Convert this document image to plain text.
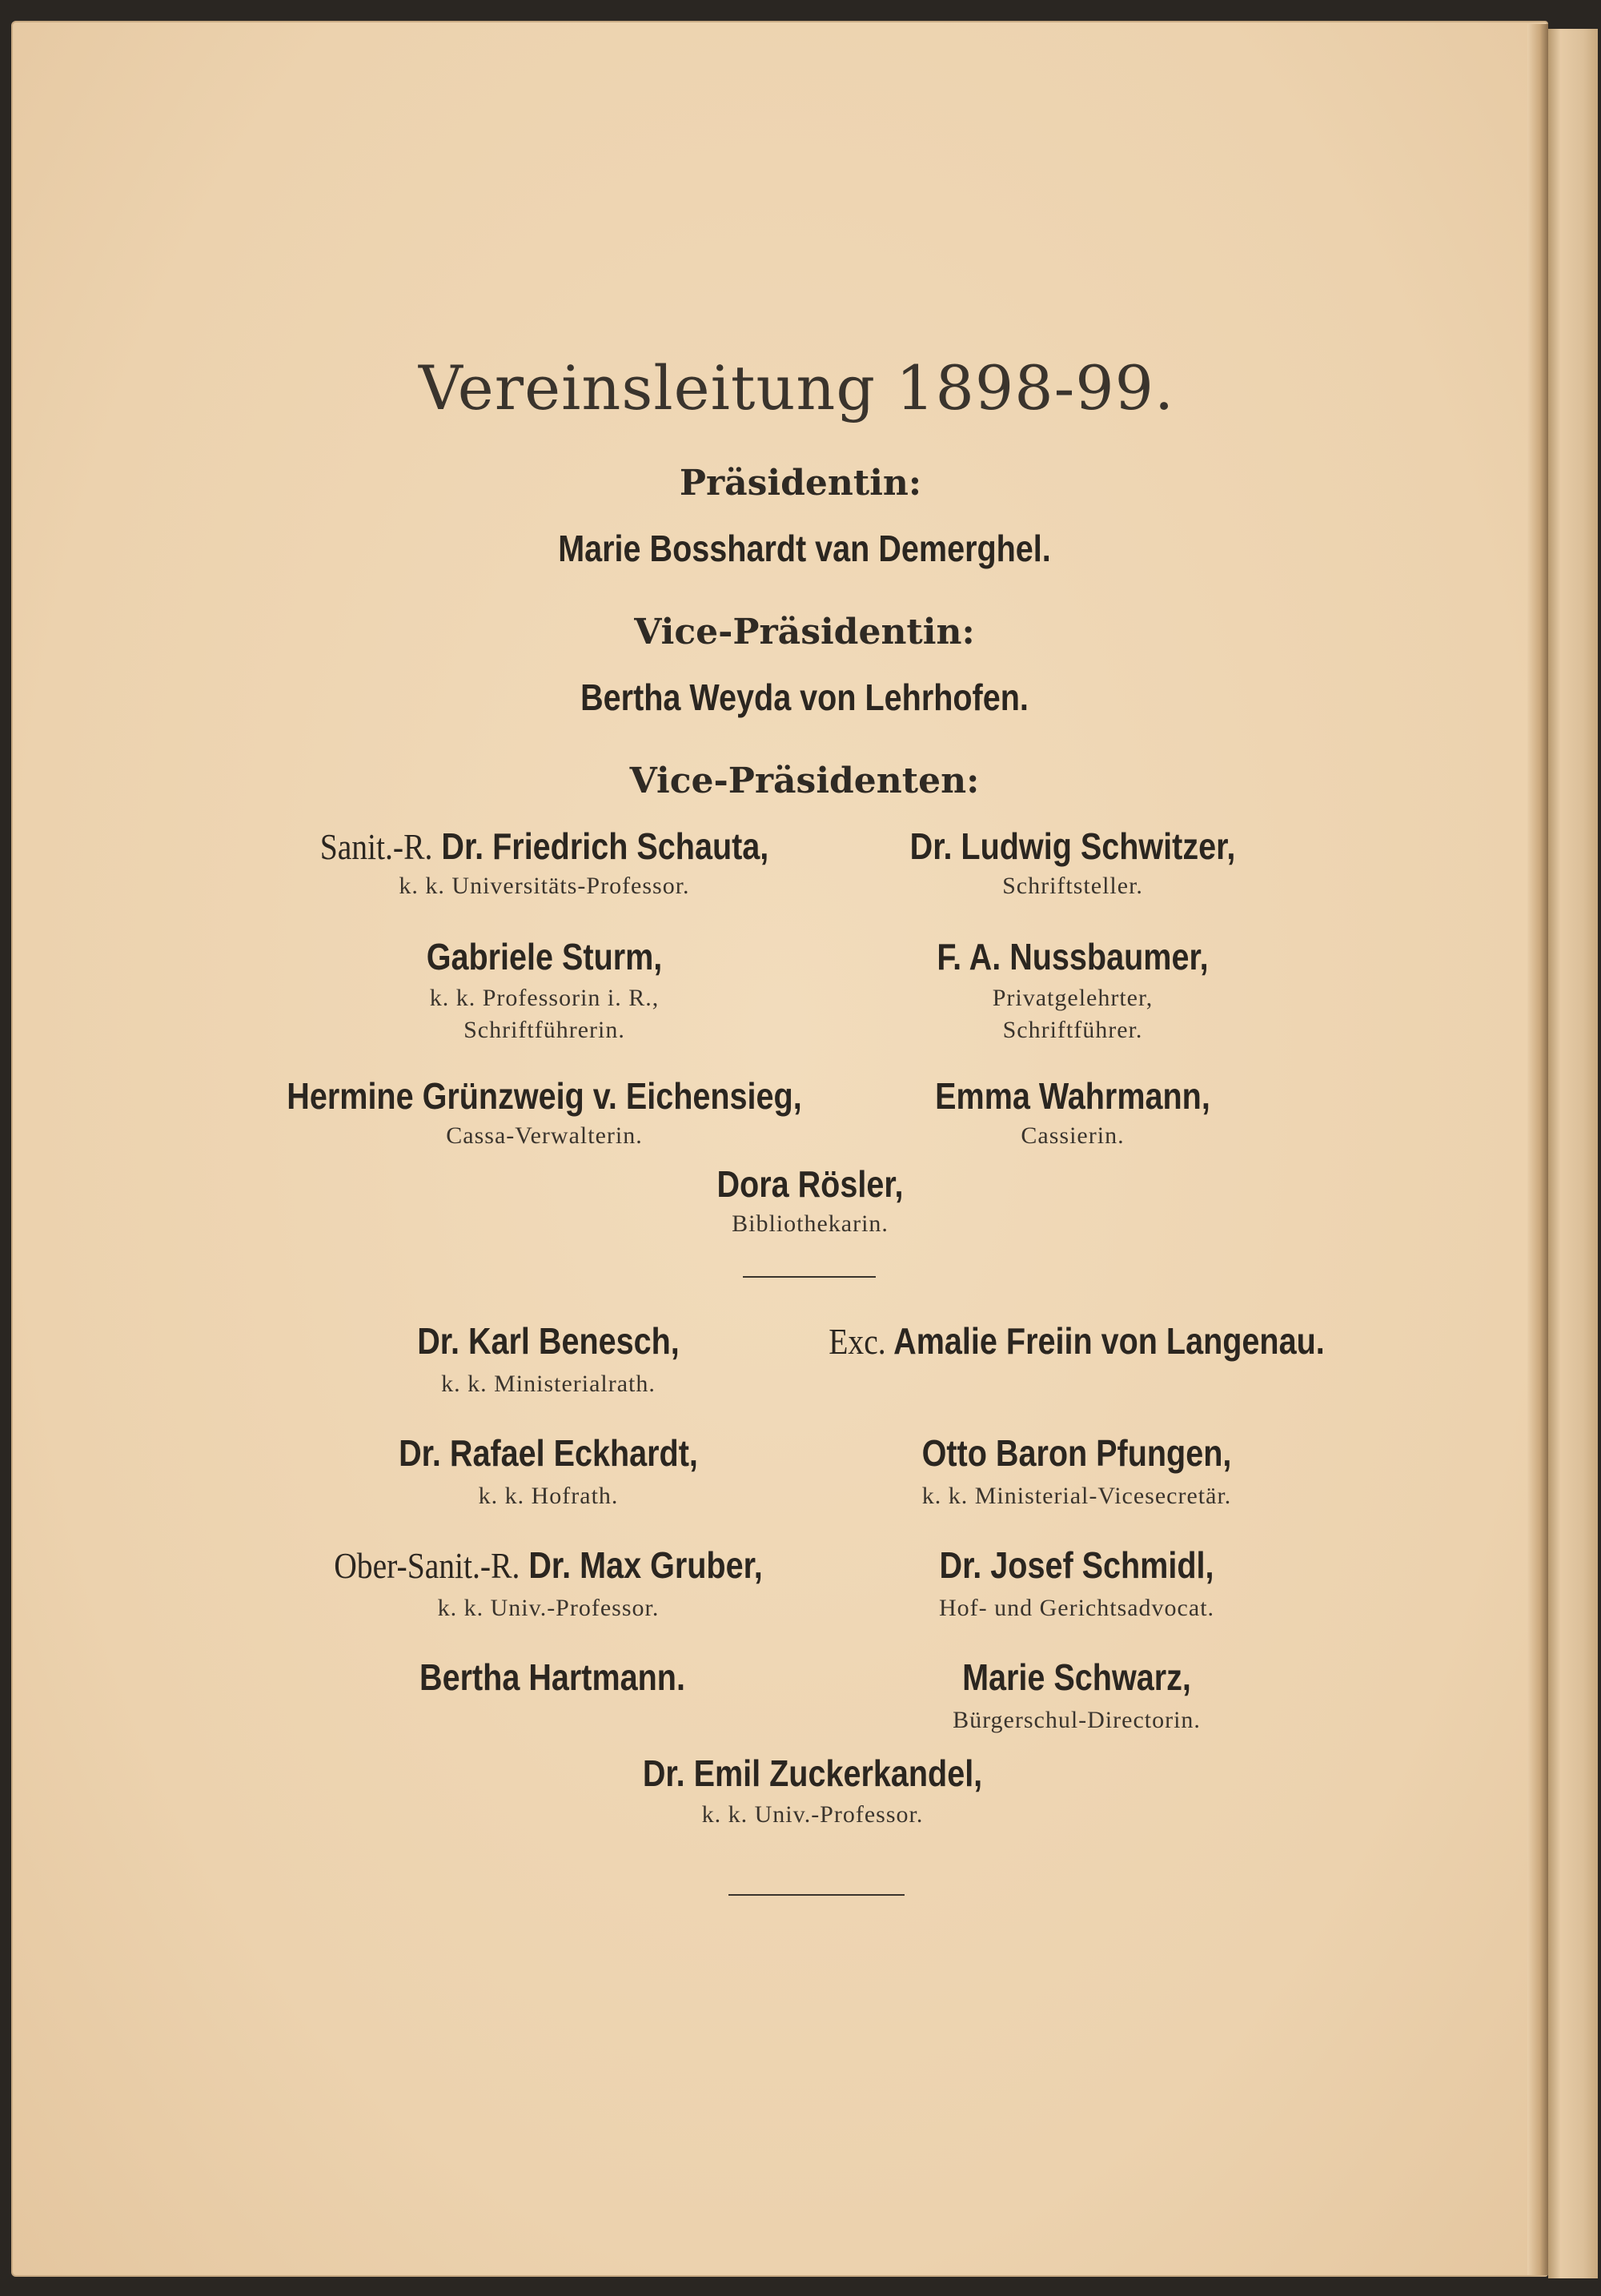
Vereinsleitung 1898-99.
Präsidentin:
Marie Bosshardt van Demerghel.
Vice-Präsidentin:
Bertha Weyda von Lehrhofen.
Vice-Präsidenten:
Sanit.-R. Dr. Friedrich Schauta,
k. k. Universitäts-Professor.
Dr. Ludwig Schwitzer,
Schriftsteller.
Gabriele Sturm,
k. k. Professorin i. R.,
Schriftführerin.
F. A. Nussbaumer,
Privatgelehrter,
Schriftführer.
Hermine Grünzweig v. Eichensieg,
Cassa-Verwalterin.
Emma Wahrmann,
Cassierin.
Dora Rösler,
Bibliothekarin.
Dr. Karl Benesch,
k. k. Ministerialrath.
Exc. Amalie Freiin von Langenau.
Dr. Rafael Eckhardt,
k. k. Hofrath.
Otto Baron Pfungen,
k. k. Ministerial-Vicesecretär.
Ober-Sanit.-R. Dr. Max Gruber,
k. k. Univ.-Professor.
Dr. Josef Schmidl,
Hof- und Gerichtsadvocat.
Bertha Hartmann.	Marie Schwarz,
Bürgerschul-Directorin.
Dr. Emil Zuckerkandel,
k. k. Univ.-Professor.
